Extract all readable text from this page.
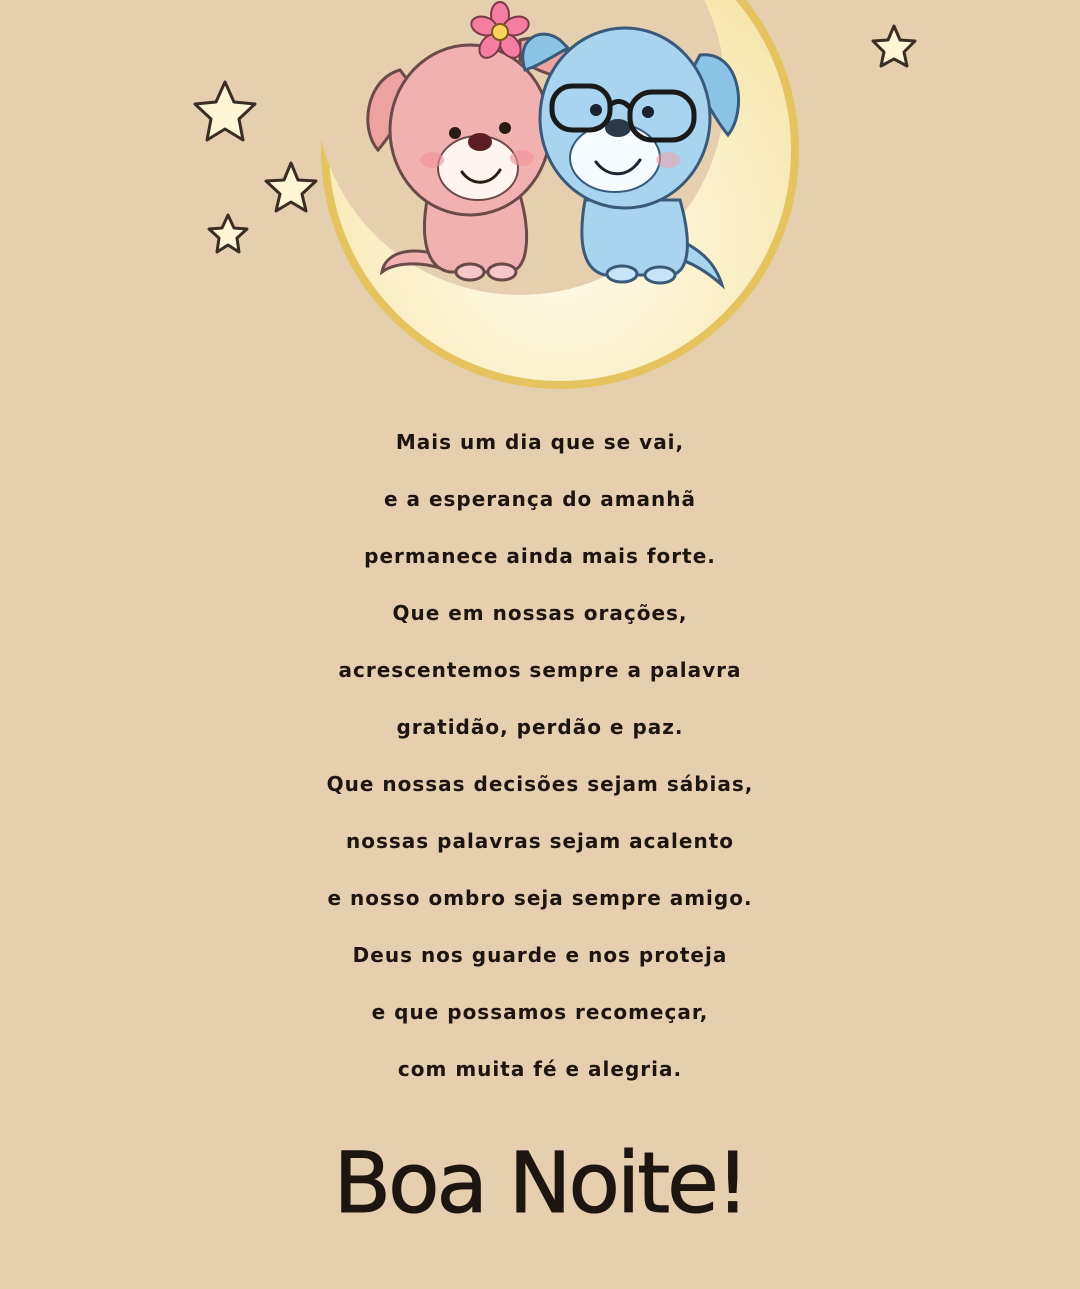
Mais um dia que se vai,
e a esperança do amanhã
permanece ainda mais forte.
Que em nossas orações,
acrescentemos sempre a palavra
gratidão, perdão e paz.
Que nossas decisões sejam sábias,
nossas palavras sejam acalento
e nosso ombro seja sempre amigo.
Deus nos guarde e nos proteja
e que possamos recomeçar,
com muita fé e alegria.
Boa Noite!
